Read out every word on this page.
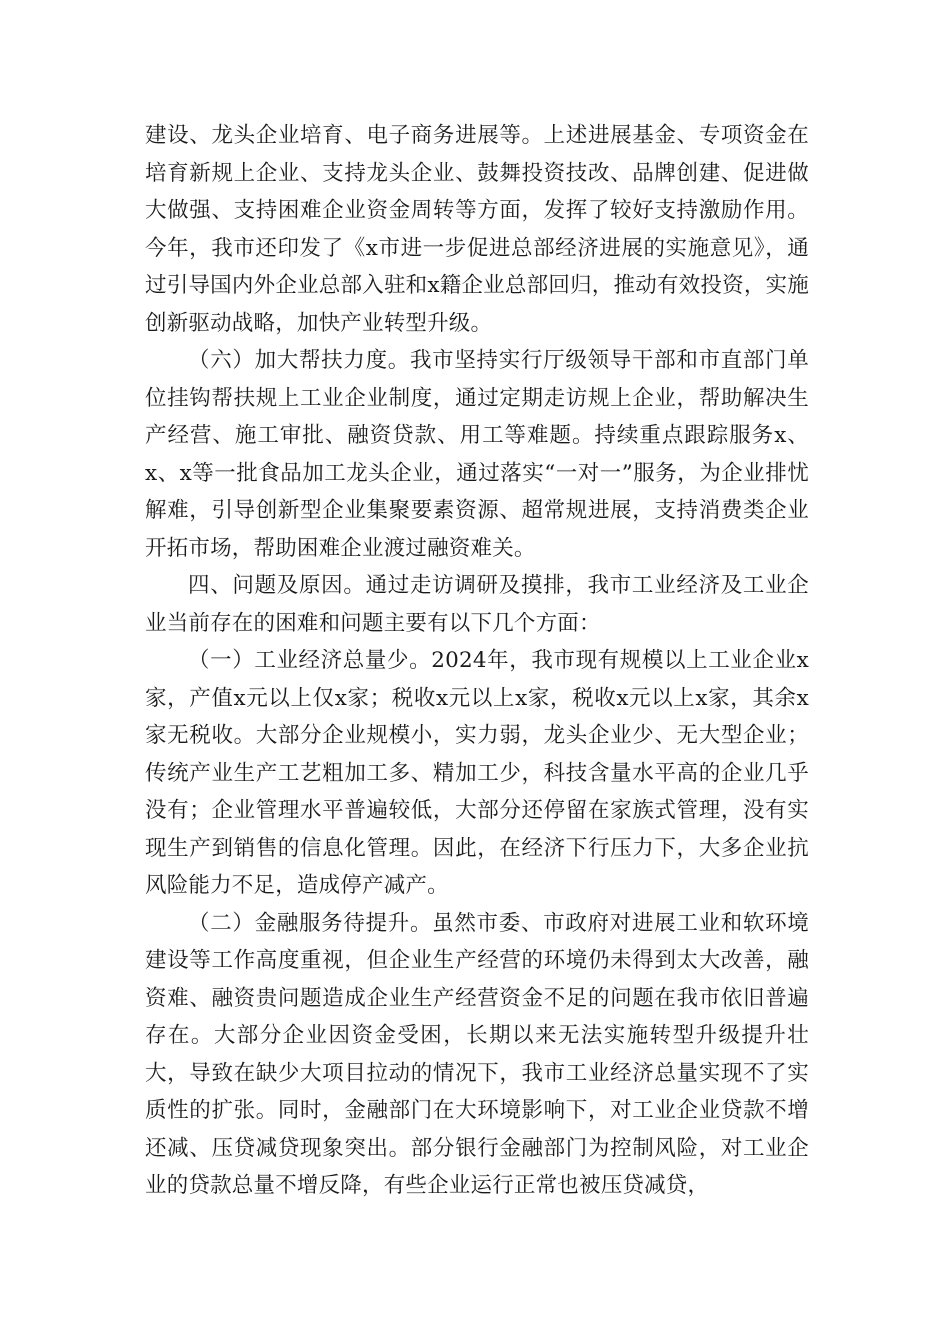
建设、龙头企业培育、电子商务进展等。上述进展基金、专项资金在培育新规上企业、支持龙头企业、鼓舞投资技改、品牌创建、促进做大做强、支持困难企业资金周转等方面，发挥了较好支持激励作用。今年，我市还印发了《x市进一步促进总部经济进展的实施意见》，通过引导国内外企业总部入驻和x籍企业总部回归，推动有效投资，实施创新驱动战略，加快产业转型升级。

（六）加大帮扶力度。我市坚持实行厅级领导干部和市直部门单位挂钩帮扶规上工业企业制度，通过定期走访规上企业，帮助解决生产经营、施工审批、融资贷款、用工等难题。持续重点跟踪服务x、x、x等一批食品加工龙头企业，通过落实“一对一”服务，为企业排忧解难，引导创新型企业集聚要素资源、超常规进展，支持消费类企业开拓市场，帮助困难企业渡过融资难关。

四、问题及原因。通过走访调研及摸排，我市工业经济及工业企业当前存在的困难和问题主要有以下几个方面：

（一）工业经济总量少。2024年，我市现有规模以上工业企业x家，产值x元以上仅x家；税收x元以上x家，税收x元以上x家，其余x家无税收。大部分企业规模小，实力弱，龙头企业少、无大型企业；传统产业生产工艺粗加工多、精加工少，科技含量水平高的企业几乎没有；企业管理水平普遍较低，大部分还停留在家族式管理，没有实现生产到销售的信息化管理。因此，在经济下行压力下，大多企业抗风险能力不足，造成停产减产。

（二）金融服务待提升。虽然市委、市政府对进展工业和软环境建设等工作高度重视，但企业生产经营的环境仍未得到太大改善，融资难、融资贵问题造成企业生产经营资金不足的问题在我市依旧普遍存在。大部分企业因资金受困，长期以来无法实施转型升级提升壮大，导致在缺少大项目拉动的情况下，我市工业经济总量实现不了实质性的扩张。同时，金融部门在大环境影响下，对工业企业贷款不增还减、压贷减贷现象突出。部分银行金融部门为控制风险，对工业企业的贷款总量不增反降，有些企业运行正常也被压贷减贷，
